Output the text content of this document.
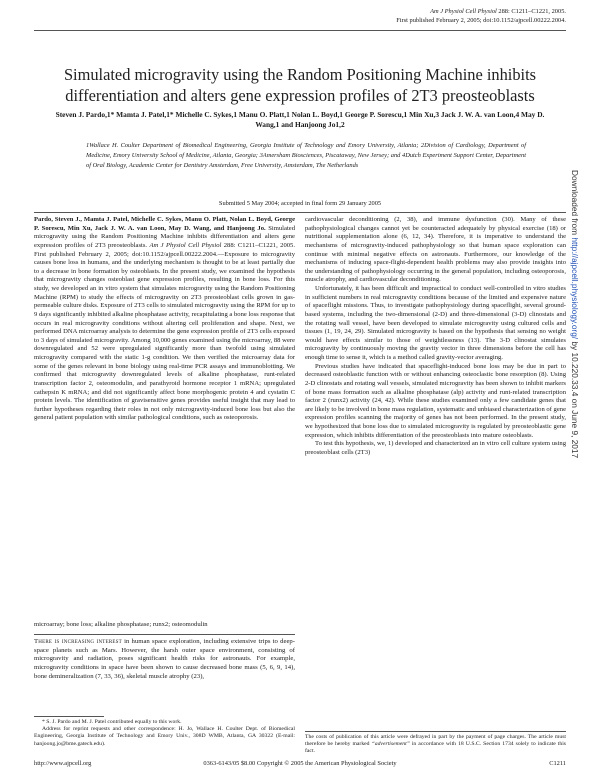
Am J Physiol Cell Physiol 288: C1211–C1221, 2005.
First published February 2, 2005; doi:10.1152/ajpcell.00222.2004.
Simulated microgravity using the Random Positioning Machine inhibits differentiation and alters gene expression profiles of 2T3 preosteoblasts
Steven J. Pardo,1* Mamta J. Patel,1* Michelle C. Sykes,1 Manu O. Platt,1 Nolan L. Boyd,1 George P. Sorescu,1 Min Xu,3 Jack J. W. A. van Loon,4 May D. Wang,1 and Hanjoong Jo1,2
1Wallace H. Coulter Department of Biomedical Engineering, Georgia Institute of Technology and Emory University, Atlanta; 2Division of Cardiology, Department of Medicine, Emory University School of Medicine, Atlanta, Georgia; 3Amersham Biosciences, Piscataway, New Jersey; and 4Dutch Experiment Support Center, Department of Oral Biology, Academic Center for Dentistry Amsterdam, Free University, Amsterdam, The Netherlands
Submitted 5 May 2004; accepted in final form 29 January 2005
Pardo, Steven J., Mamta J. Patel, Michelle C. Sykes, Manu O. Platt, Nolan L. Boyd, George P. Sorescu, Min Xu, Jack J. W. A. van Loon, May D. Wang, and Hanjoong Jo. Simulated microgravity using the Random Positioning Machine inhibits differentiation and alters gene expression profiles of 2T3 preosteoblasts. Am J Physiol Cell Physiol 288: C1211–C1221, 2005. First published February 2, 2005; doi:10.1152/ajpcell.00222.2004.—Exposure to microgravity causes bone loss in humans, and the underlying mechanism is thought to be at least partially due to a decrease in bone formation by osteoblasts. In the present study, we examined the hypothesis that microgravity changes osteoblast gene expression profiles, resulting in bone loss. For this study, we developed an in vitro system that simulates microgravity using the Random Positioning Machine (RPM) to study the effects of microgravity on 2T3 preosteoblast cells grown in gas-permeable culture disks. Exposure of 2T3 cells to simulated microgravity using the RPM for up to 9 days significantly inhibited alkaline phosphatase activity, recapitulating a bone loss response that occurs in real microgravity conditions without altering cell proliferation and shape. Next, we performed DNA microarray analysis to determine the gene expression profile of 2T3 cells exposed to 3 days of simulated microgravity. Among 10,000 genes examined using the microarray, 88 were downregulated and 52 were upregulated significantly more than twofold using simulated microgravity compared with the static 1-g condition. We then verified the microarray data for some of the genes relevant in bone biology using real-time PCR assays and immunoblotting. We confirmed that microgravity downregulated levels of alkaline phosphatase, runt-related transcription factor 2, osteomodulin, and parathyroid hormone receptor 1 mRNA; upregulated cathepsin K mRNA; and did not significantly affect bone morphogenic protein 4 and cystatin C protein levels. The identification of gravisensitive genes provides useful insight that may lead to further hypotheses regarding their roles in not only microgravity-induced bone loss but also the general patient population with similar pathological conditions, such as osteoporosis.
microarray; bone loss; alkaline phosphatase; runx2; osteomodulin
There is increasing interest in human space exploration, including extensive trips to deep-space planets such as Mars. However, the harsh outer space environment, consisting of microgravity and radiation, poses significant health risks for astronauts. For example, microgravity conditions in space have been shown to cause decreased bone mass (5, 6, 9, 14), bone demineralization (7, 33, 36), skeletal muscle atrophy (23),

cardiovascular deconditioning (2, 38), and immune dysfunction (30). Many of these pathophysiological changes cannot yet be counteracted adequately by physical exercise (18) or nutritional supplementation alone (6, 12, 34). Therefore, it is imperative to understand the mechanisms of microgravity-induced pathophysiology so that human space exploration can continue with minimal negative effects on astronauts. Furthermore, our knowledge of the mechanisms of inducing space-flight-dependent health problems may also provide insights into the understanding of pathophysiology occurring in the general population, including osteoporosis, muscle atrophy, and cardiovascular deconditioning.

Unfortunately, it has been difficult and impractical to conduct well-controlled in vitro studies in sufficient numbers in real microgravity conditions because of the limited and expensive nature of spaceflight missions. Thus, to investigate pathophysiology during spaceflight, several ground-based systems, including the two-dimensional (2-D) and three-dimensional (3-D) clinostats and the rotating wall vessel, have been developed to simulate microgravity using cultured cells and tissues (1, 19, 24, 29). Simulated microgravity is based on the hypothesis that sensing no weight would have effects similar to those of weightlessness (13). The 3-D clinostat simulates microgravity by continuously moving the gravity vector in three dimensions before the cell has enough time to sense it, which is a method called gravity-vector averaging.

Previous studies have indicated that spaceflight-induced bone loss may be due in part to decreased osteoblastic function with or without enhancing osteoclastic bone resorption (8). Using 2-D clinostats and rotating wall vessels, simulated microgravity has been shown to inhibit markers of bone mass formation such as alkaline phosphatase (alp) activity and runt-related transcription factor 2 (runx2) activity (24, 42). While these studies examined only a few candidate genes that are likely to be involved in bone mass regulation, systematic and unbiased characterization of gene expression profiles scanning the majority of genes has not been performed. In the present study, we hypothesized that bone loss due to simulated microgravity is regulated by preosteoblastic gene expression, which inhibits differentiation of the preosteoblasts into mature osteoblasts.

To test this hypothesis, we, 1) developed and characterized an in vitro cell culture system using preosteoblast cells (2T3)

* S. J. Pardo and M. J. Patel contributed equally to this work.
Address for reprint requests and other correspondence: H. Jo, Wallace H. Coulter Dept. of Biomedical Engineering, Georgia Institute of Technology and Emory Univ., 308D WMB, Atlanta, GA 30322 (E-mail: hanjoong.jo@bme.gatech.edu).
The costs of publication of this article were defrayed in part by the payment of page charges. The article must therefore be hereby marked “advertisement” in accordance with 18 U.S.C. Section 1734 solely to indicate this fact.
http://www.ajpcell.org	0363-6143/05 $8.00 Copyright © 2005 the American Physiological Society	C1211
Downloaded from http://ajpcell.physiology.org/ by 10.220.33.4 on June 9, 2017
